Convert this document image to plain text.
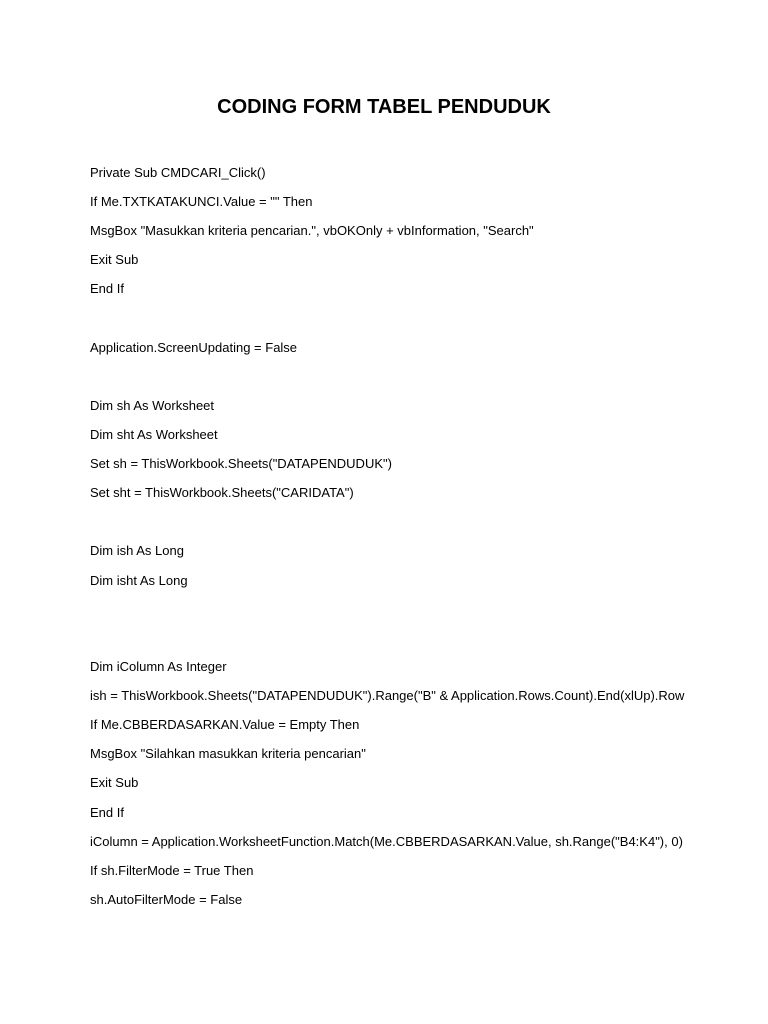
CODING FORM TABEL PENDUDUK
Private Sub CMDCARI_Click()
If Me.TXTKATAKUNCI.Value = "" Then
MsgBox "Masukkan kriteria pencarian.", vbOKOnly + vbInformation, "Search"
Exit Sub
End If
Application.ScreenUpdating = False
Dim sh As Worksheet
Dim sht As Worksheet
Set sh = ThisWorkbook.Sheets("DATAPENDUDUK")
Set sht = ThisWorkbook.Sheets("CARIDATA")
Dim ish As Long
Dim isht As Long
Dim iColumn As Integer
ish = ThisWorkbook.Sheets("DATAPENDUDUK").Range("B" & Application.Rows.Count).End(xlUp).Row
If Me.CBBERDASARKAN.Value = Empty Then
MsgBox "Silahkan masukkan kriteria pencarian"
Exit Sub
End If
iColumn = Application.WorksheetFunction.Match(Me.CBBERDASARKAN.Value, sh.Range("B4:K4"), 0)
If sh.FilterMode = True Then
sh.AutoFilterMode = False
